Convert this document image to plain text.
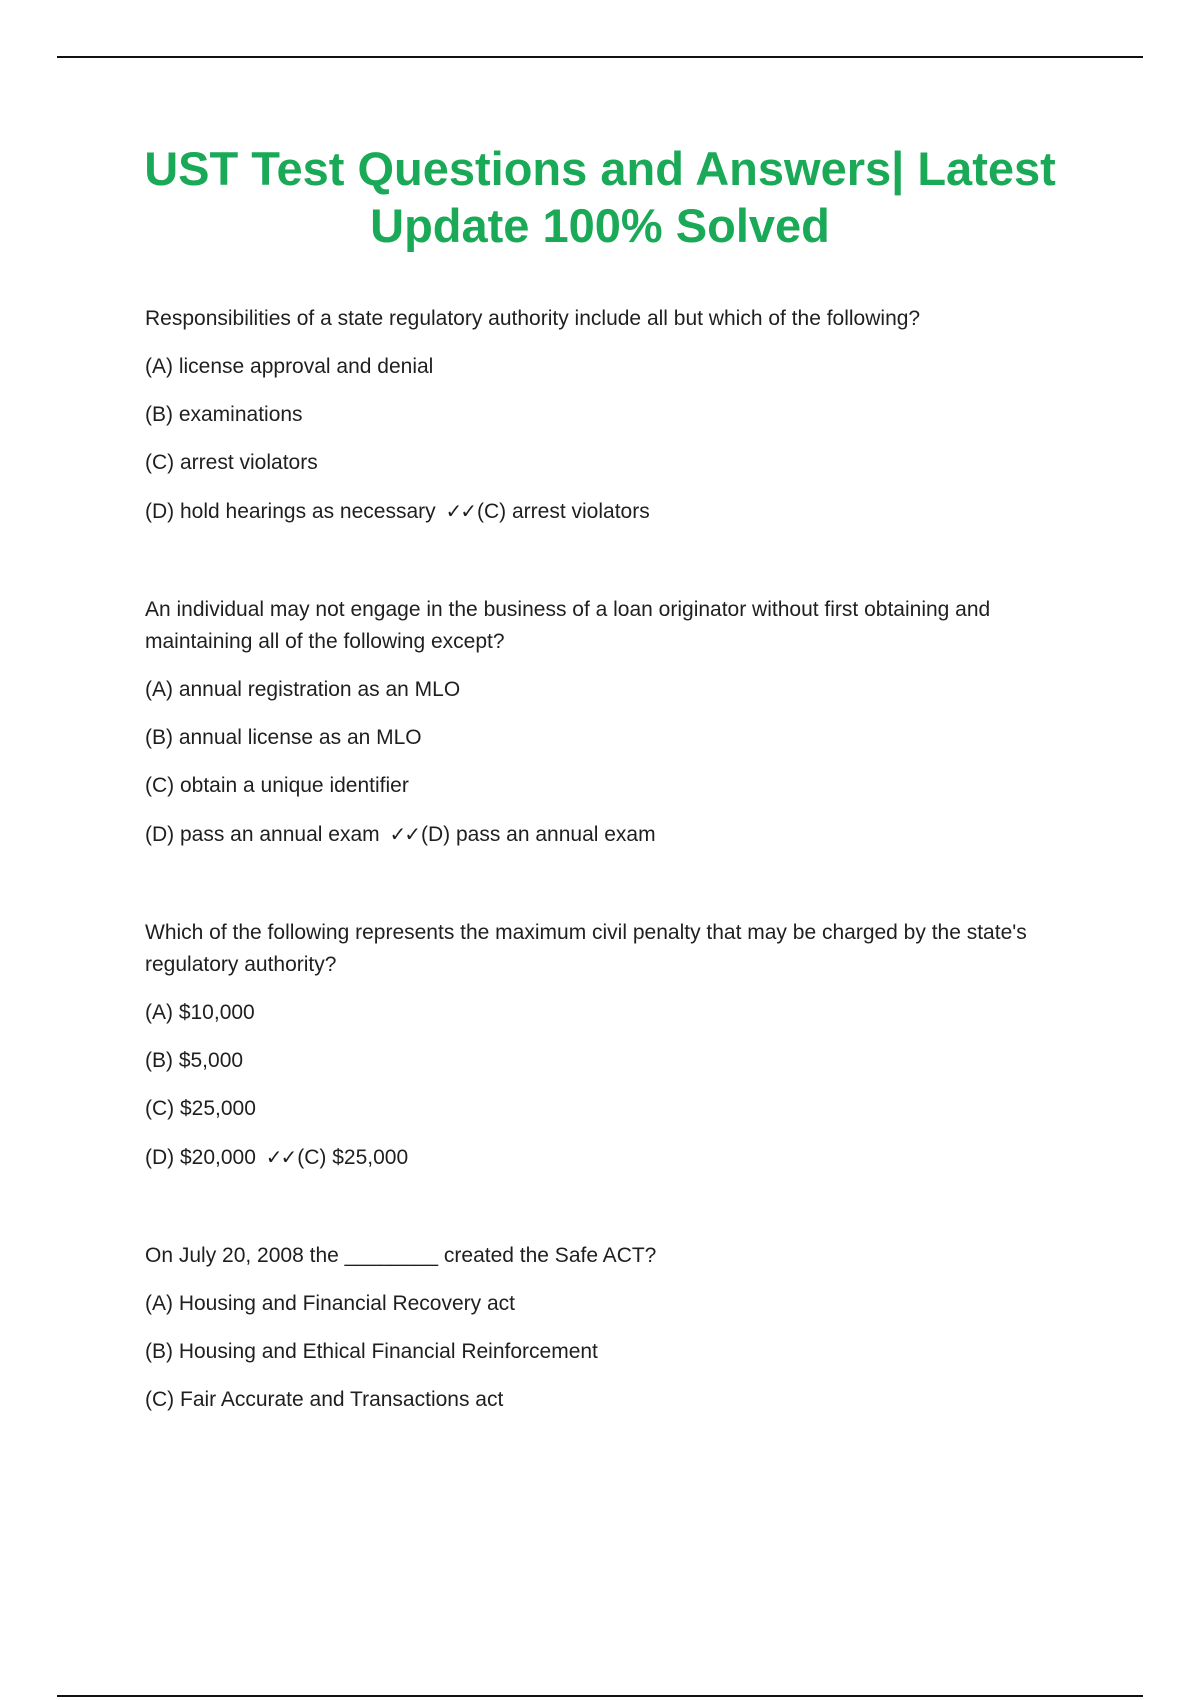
UST Test Questions and Answers| Latest Update 100% Solved

Responsibilities of a state regulatory authority include all but which of the following?

(A) license approval and denial
(B) examinations
(C) arrest violators
(D) hold hearings as necessary ✓✓(C) arrest violators

An individual may not engage in the business of a loan originator without first obtaining and maintaining all of the following except?

(A) annual registration as an MLO
(B) annual license as an MLO
(C) obtain a unique identifier
(D) pass an annual exam ✓✓(D) pass an annual exam

Which of the following represents the maximum civil penalty that may be charged by the state's regulatory authority?

(A) $10,000
(B) $5,000
(C) $25,000
(D) $20,000 ✓✓(C) $25,000

On July 20, 2008 the ________ created the Safe ACT?

(A) Housing and Financial Recovery act
(B) Housing and Ethical Financial Reinforcement
(C) Fair Accurate and Transactions act
